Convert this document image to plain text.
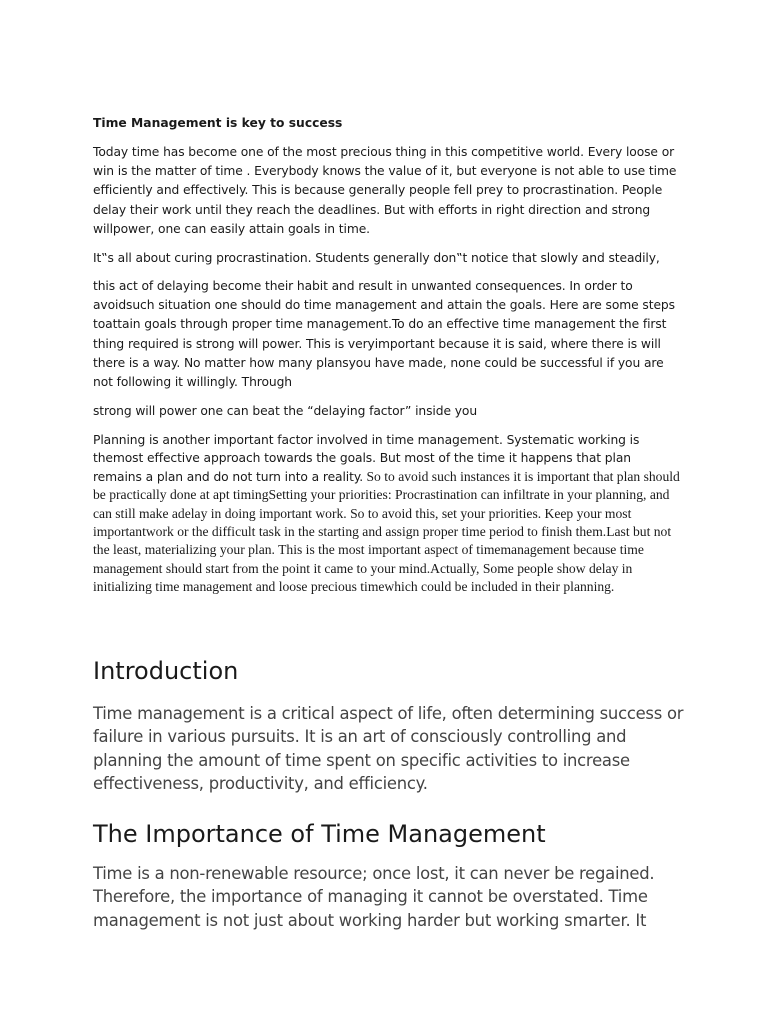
Time Management is key to success

Today time has become one of the most precious thing in this competitive world. Every loose or win is the matter of time . Everybody knows the value of it, but everyone is not able to use time efficiently and effectively. This is because generally people fell prey to procrastination. People delay their work until they reach the deadlines. But with efforts in right direction and strong willpower, one can easily attain goals in time.

It‟s all about curing procrastination. Students generally don‟t notice that slowly and steadily,

this act of delaying become their habit and result in unwanted consequences. In order to avoidsuch situation one should do time management and attain the goals. Here are some steps toattain goals through proper time management.To do an effective time management the first thing required is strong will power. This is veryimportant because it is said, where there is will there is a way. No matter how many plansyou have made, none could be successful if you are not following it willingly. Through

strong will power one can beat the “delaying factor” inside you

Planning is another important factor involved in time management. Systematic working is themost effective approach towards the goals. But most of the time it happens that plan remains a plan and do not turn into a reality. So to avoid such instances it is important that plan should be practically done at apt timingSetting your priorities: Procrastination can infiltrate in your planning, and can still make adelay in doing important work. So to avoid this, set your priorities. Keep your most importantwork or the difficult task in the starting and assign proper time period to finish them.Last but not the least, materializing your plan. This is the most important aspect of timemanagement because time management should start from the point it came to your mind.Actually, Some people show delay in initializing time management and loose precious timewhich could be included in their planning.

Introduction

Time management is a critical aspect of life, often determining success or failure in various pursuits. It is an art of consciously controlling and planning the amount of time spent on specific activities to increase effectiveness, productivity, and efficiency.

The Importance of Time Management

Time is a non-renewable resource; once lost, it can never be regained. Therefore, the importance of managing it cannot be overstated. Time management is not just about working harder but working smarter. It
